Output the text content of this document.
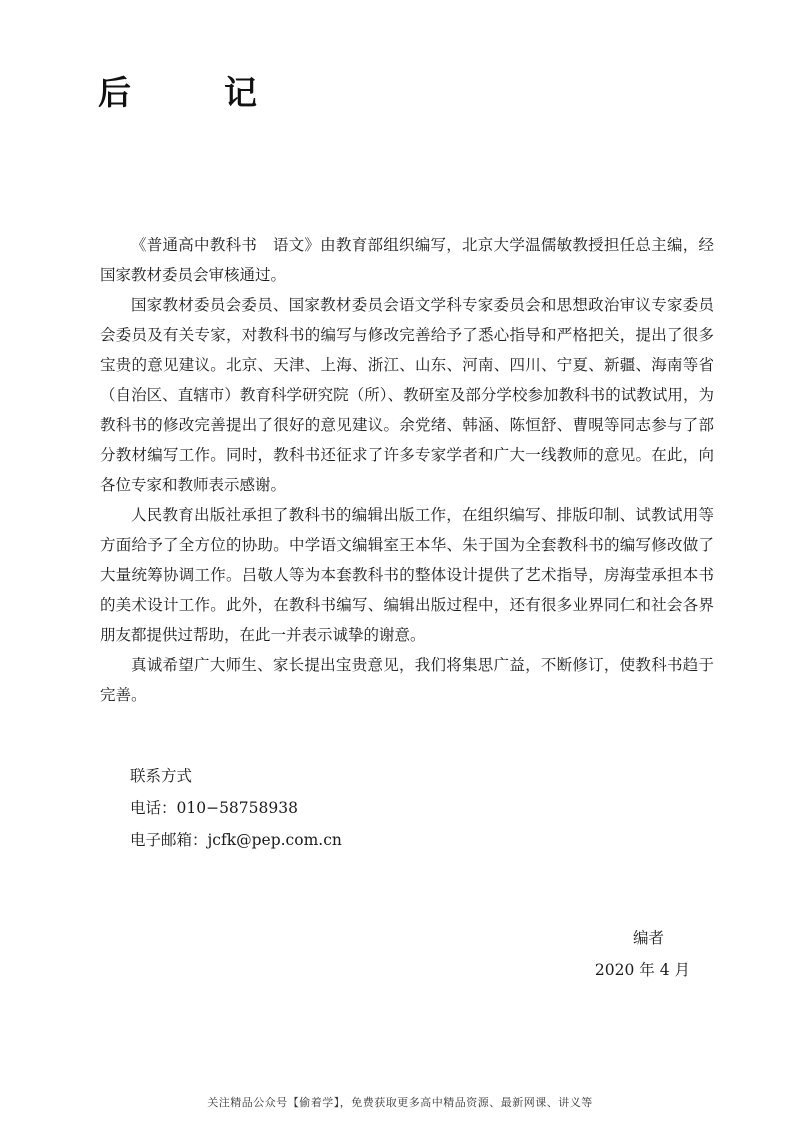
后　记

《普通高中教科书　语文》由教育部组织编写，北京大学温儒敏教授担任总主编，经国家教材委员会审核通过。

国家教材委员会委员、国家教材委员会语文学科专家委员会和思想政治审议专家委员会委员及有关专家，对教科书的编写与修改完善给予了悉心指导和严格把关，提出了很多宝贵的意见建议。北京、天津、上海、浙江、山东、河南、四川、宁夏、新疆、海南等省（自治区、直辖市）教育科学研究院（所）、教研室及部分学校参加教科书的试教试用，为教科书的修改完善提出了很好的意见建议。余党绪、韩涵、陈恒舒、曹晛等同志参与了部分教材编写工作。同时，教科书还征求了许多专家学者和广大一线教师的意见。在此，向各位专家和教师表示感谢。

人民教育出版社承担了教科书的编辑出版工作，在组织编写、排版印制、试教试用等方面给予了全方位的协助。中学语文编辑室王本华、朱于国为全套教科书的编写修改做了大量统筹协调工作。吕敬人等为本套教科书的整体设计提供了艺术指导，房海莹承担本书的美术设计工作。此外，在教科书编写、编辑出版过程中，还有很多业界同仁和社会各界朋友都提供过帮助，在此一并表示诚挚的谢意。

真诚希望广大师生、家长提出宝贵意见，我们将集思广益，不断修订，使教科书趋于完善。

联系方式
电话：010−58758938
电子邮箱：jcfk@pep.com.cn
编者
2020 年 4 月
关注精品公众号【偷着学】，免费获取更多高中精品资源、最新网课、讲义等
